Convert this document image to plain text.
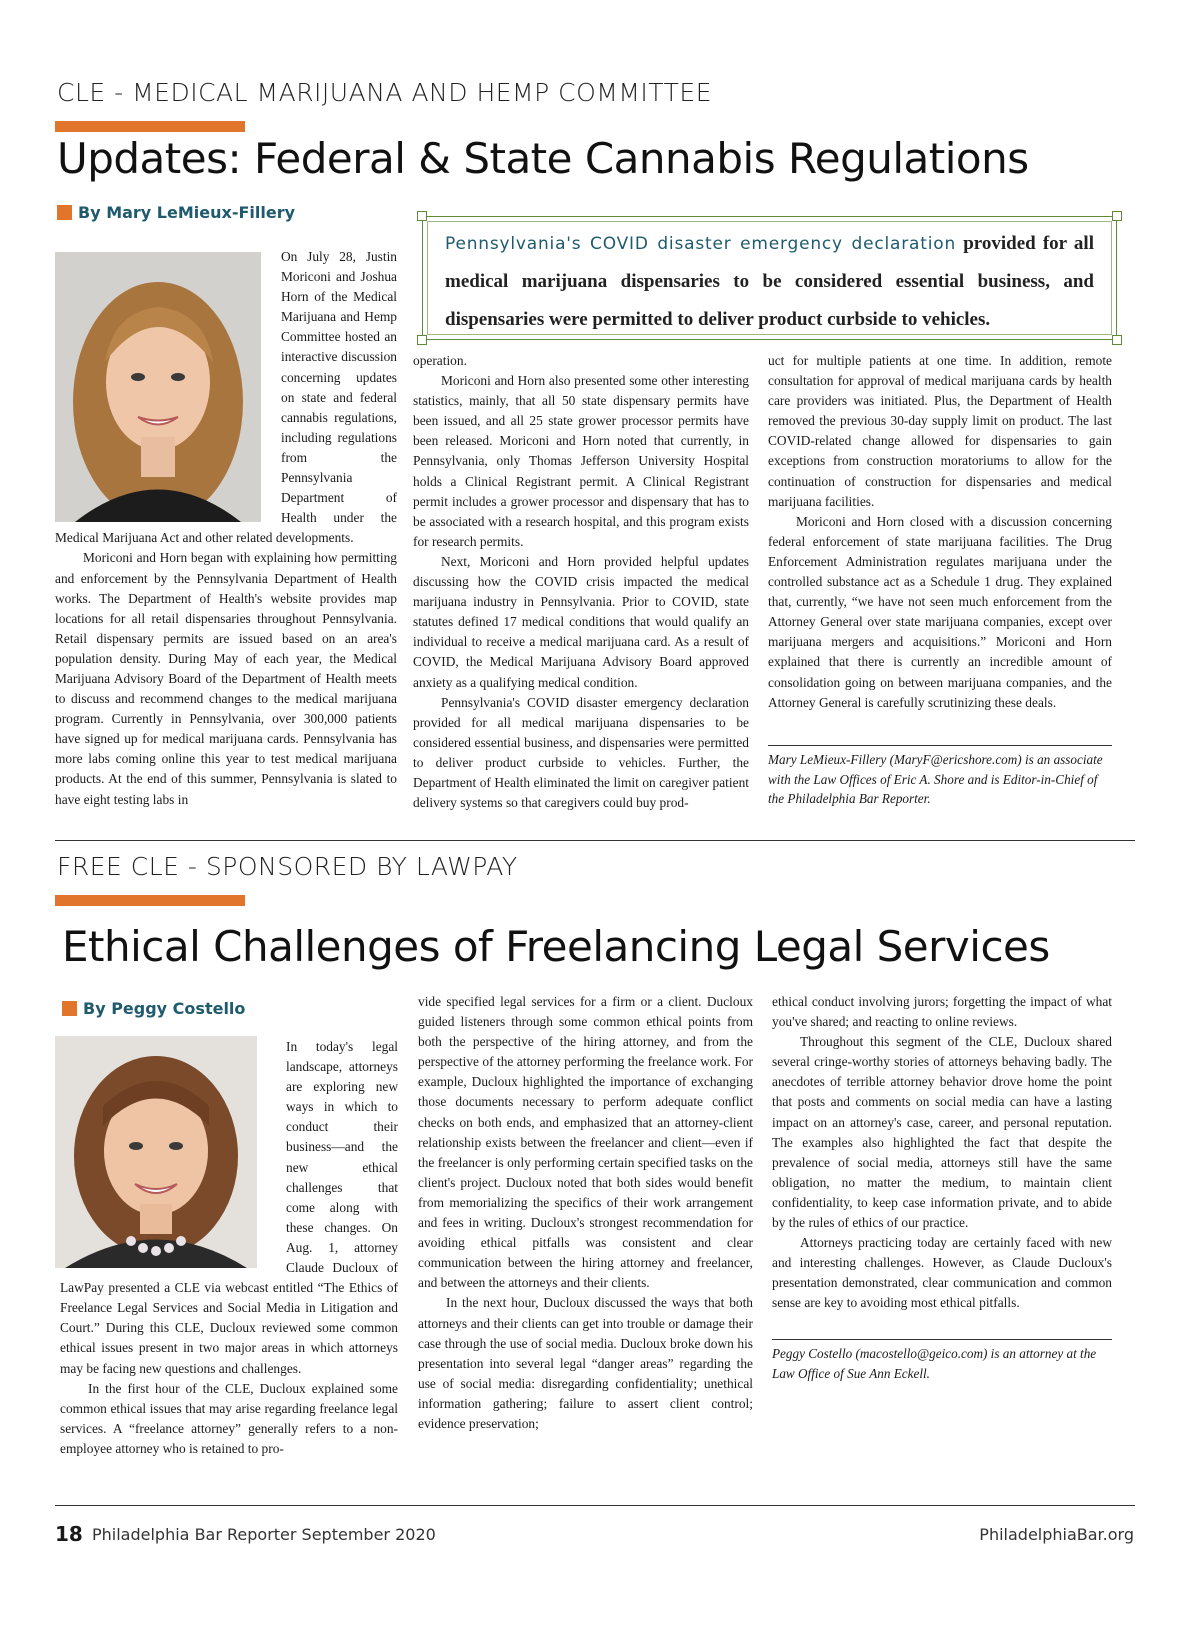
CLE - MEDICAL MARIJUANA AND HEMP COMMITTEE
Updates: Federal & State Cannabis Regulations
By Mary LeMieux-Fillery
Pennsylvania's COVID disaster emergency declaration provided for all medical marijuana dispensaries to be considered essential business, and dispensaries were permitted to deliver product curbside to vehicles.

On July 28, Justin Moriconi and Joshua Horn of the Medical Marijuana and Hemp Committee hosted an interactive discussion concerning updates on state and federal cannabis regulations, including regulations from the Pennsylvania Department of Health under the Medical Marijuana Act and other related developments.

Moriconi and Horn began with explaining how permitting and enforcement by the Pennsylvania Department of Health works. The Department of Health's website provides map locations for all retail dispensaries throughout Pennsylvania. Retail dispensary permits are issued based on an area's population density. During May of each year, the Medical Marijuana Advisory Board of the Department of Health meets to discuss and recommend changes to the medical marijuana program. Currently in Pennsylvania, over 300,000 patients have signed up for medical marijuana cards. Pennsylvania has more labs coming online this year to test medical marijuana products. At the end of this summer, Pennsylvania is slated to have eight testing labs in

operation.

Moriconi and Horn also presented some other interesting statistics, mainly, that all 50 state dispensary permits have been issued, and all 25 state grower processor permits have been released. Moriconi and Horn noted that currently, in Pennsylvania, only Thomas Jefferson University Hospital holds a Clinical Registrant permit. A Clinical Registrant permit includes a grower processor and dispensary that has to be associated with a research hospital, and this program exists for research permits.

Next, Moriconi and Horn provided helpful updates discussing how the COVID crisis impacted the medical marijuana industry in Pennsylvania. Prior to COVID, state statutes defined 17 medical conditions that would qualify an individual to receive a medical marijuana card. As a result of COVID, the Medical Marijuana Advisory Board approved anxiety as a qualifying medical condition.

Pennsylvania's COVID disaster emergency declaration provided for all medical marijuana dispensaries to be considered essential business, and dispensaries were permitted to deliver product curbside to vehicles. Further, the Department of Health eliminated the limit on caregiver patient delivery systems so that caregivers could buy prod-

uct for multiple patients at one time. In addition, remote consultation for approval of medical marijuana cards by health care providers was initiated. Plus, the Department of Health removed the previous 30-day supply limit on product. The last COVID-related change allowed for dispensaries to gain exceptions from construction moratoriums to allow for the continuation of construction for dispensaries and medical marijuana facilities.

Moriconi and Horn closed with a discussion concerning federal enforcement of state marijuana facilities. The Drug Enforcement Administration regulates marijuana under the controlled substance act as a Schedule 1 drug. They explained that, currently, “we have not seen much enforcement from the Attorney General over state marijuana companies, except over marijuana mergers and acquisitions.” Moriconi and Horn explained that there is currently an incredible amount of consolidation going on between marijuana companies, and the Attorney General is carefully scrutinizing these deals.

Mary LeMieux-Fillery (MaryF@ericshore.com) is an associate with the Law Offices of Eric A. Shore and is Editor-in-Chief of the Philadelphia Bar Reporter.
FREE CLE - SPONSORED BY LAWPAY
Ethical Challenges of Freelancing Legal Services
By Peggy Costello

In today's legal landscape, attorneys are exploring new ways in which to conduct their business—and the new ethical challenges that come along with these changes. On Aug. 1, attorney Claude Ducloux of LawPay presented a CLE via webcast entitled “The Ethics of Freelance Legal Services and Social Media in Litigation and Court.” During this CLE, Ducloux reviewed some common ethical issues present in two major areas in which attorneys may be facing new questions and challenges.

In the first hour of the CLE, Ducloux explained some common ethical issues that may arise regarding freelance legal services. A “freelance attorney” generally refers to a non-employee attorney who is retained to pro-

vide specified legal services for a firm or a client. Ducloux guided listeners through some common ethical points from both the perspective of the hiring attorney, and from the perspective of the attorney performing the freelance work. For example, Ducloux highlighted the importance of exchanging those documents necessary to perform adequate conflict checks on both ends, and emphasized that an attorney-client relationship exists between the freelancer and client—even if the freelancer is only performing certain specified tasks on the client's project. Ducloux noted that both sides would benefit from memorializing the specifics of their work arrangement and fees in writing. Ducloux's strongest recommendation for avoiding ethical pitfalls was consistent and clear communication between the hiring attorney and freelancer, and between the attorneys and their clients.

In the next hour, Ducloux discussed the ways that both attorneys and their clients can get into trouble or damage their case through the use of social media. Ducloux broke down his presentation into several legal “danger areas” regarding the use of social media: disregarding confidentiality; unethical information gathering; failure to assert client control; evidence preservation;

ethical conduct involving jurors; forgetting the impact of what you've shared; and reacting to online reviews.

Throughout this segment of the CLE, Ducloux shared several cringe-worthy stories of attorneys behaving badly. The anecdotes of terrible attorney behavior drove home the point that posts and comments on social media can have a lasting impact on an attorney's case, career, and personal reputation. The examples also highlighted the fact that despite the prevalence of social media, attorneys still have the same obligation, no matter the medium, to maintain client confidentiality, to keep case information private, and to abide by the rules of ethics of our practice.

Attorneys practicing today are certainly faced with new and interesting challenges. However, as Claude Ducloux's presentation demonstrated, clear communication and common sense are key to avoiding most ethical pitfalls.

Peggy Costello (macostello@geico.com) is an attorney at the Law Office of Sue Ann Eckell.
18 Philadelphia Bar Reporter September 2020	PhiladelphiaBar.org
